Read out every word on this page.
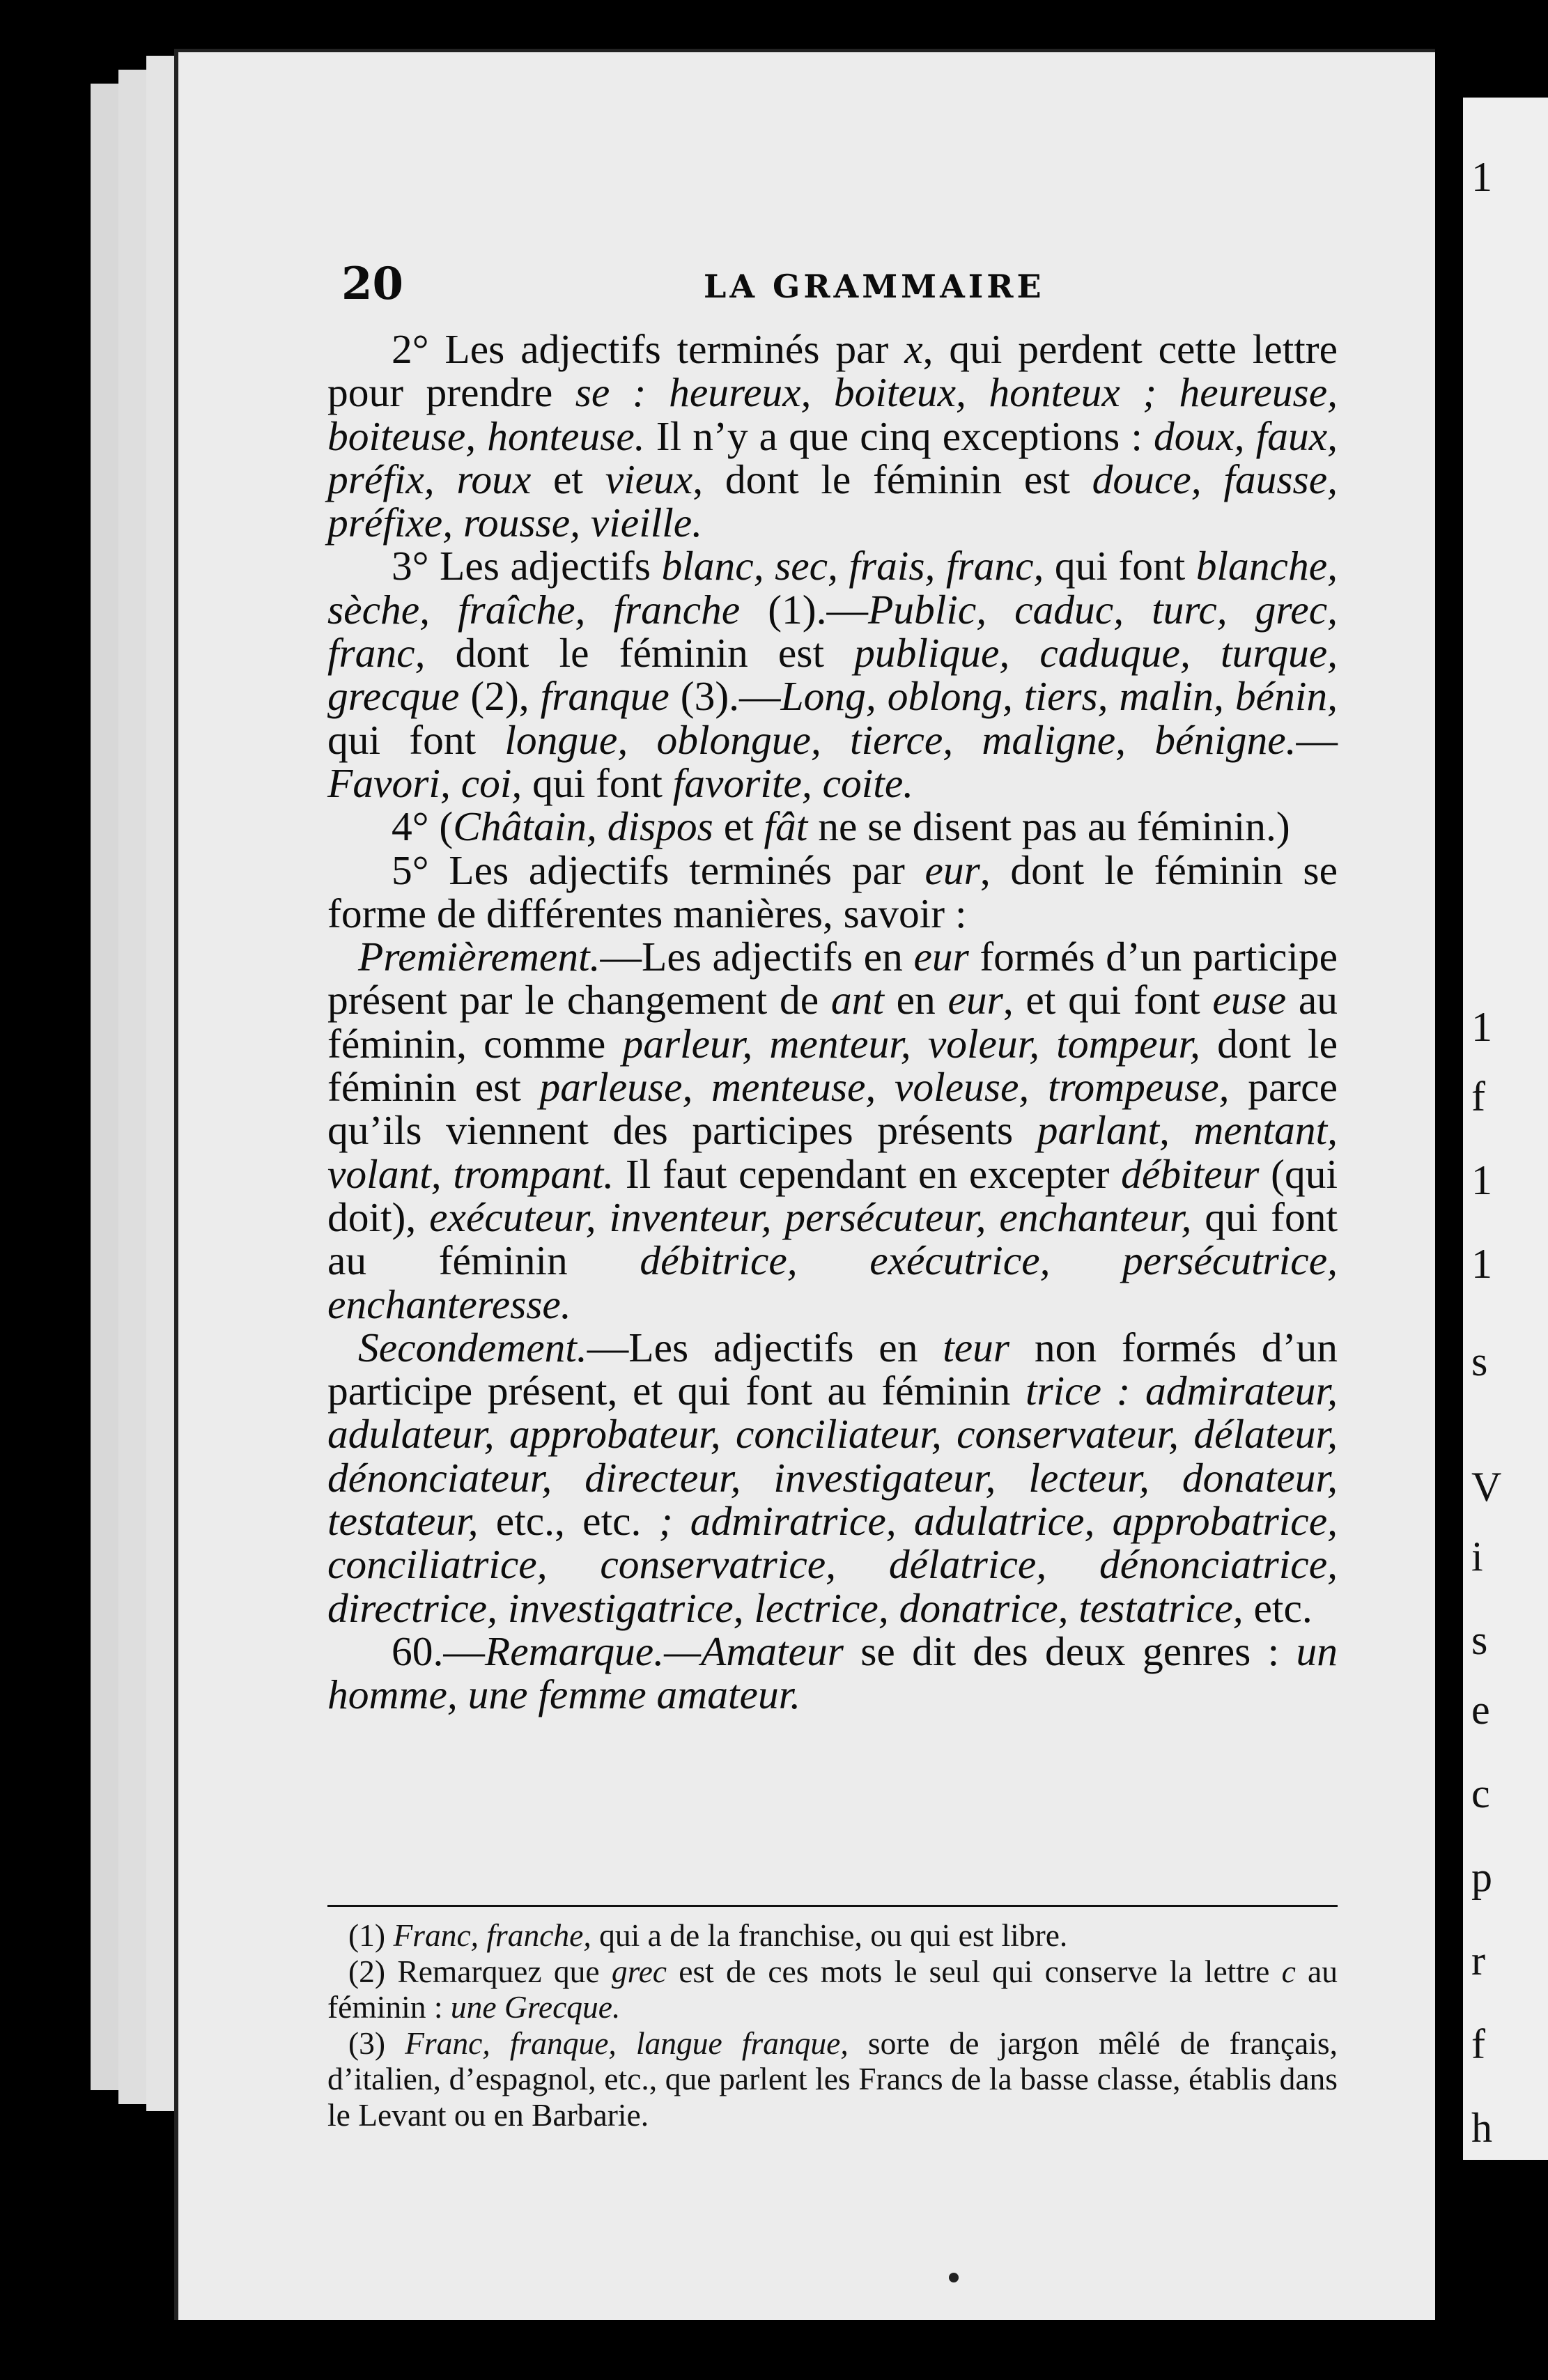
1
1
f
1
1
s
V
i
s
e
c
p
r
f
h
20	LA GRAMMAIRE

2° Les adjectifs terminés par x, qui perdent cette lettre pour prendre se : heureux, boiteux, honteux ; heureuse, boiteuse, honteuse. Il n’y a que cinq exceptions : doux, faux, préfix, roux et vieux, dont le féminin est douce, fausse, préfixe, rousse, vieille.

3° Les adjectifs blanc, sec, frais, franc, qui font blanche, sèche, fraîche, franche (1).—Public, caduc, turc, grec, franc, dont le féminin est publique, caduque, turque, grecque (2), franque (3).—Long, oblong, tiers, malin, bénin, qui font longue, oblongue, tierce, maligne, bénigne.—Favori, coi, qui font favorite, coite.

4° (Châtain, dispos et fât ne se disent pas au féminin.)

5° Les adjectifs terminés par eur, dont le féminin se forme de différentes manières, savoir :

Premièrement.—Les adjectifs en eur formés d’un participe présent par le changement de ant en eur, et qui font euse au féminin, comme parleur, menteur, voleur, tompeur, dont le féminin est parleuse, menteuse, voleuse, trompeuse, parce qu’ils viennent des participes présents parlant, mentant, volant, trompant. Il faut cependant en excepter débiteur (qui doit), exécuteur, inventeur, persécuteur, enchanteur, qui font au féminin débitrice, exécutrice, persécutrice, enchanteresse.

Secondement.—Les adjectifs en teur non formés d’un participe présent, et qui font au féminin trice : admirateur, adulateur, approbateur, conciliateur, conservateur, délateur, dénonciateur, directeur, investigateur, lecteur, donateur, testateur, etc., etc. ; admiratrice, adulatrice, approbatrice, conciliatrice, conservatrice, délatrice, dénonciatrice, directrice, investigatrice, lectrice, donatrice, testatrice, etc.

60.—Remarque.—Amateur se dit des deux genres : un homme, une femme amateur.

(1) Franc, franche, qui a de la franchise, ou qui est libre.

(2) Remarquez que grec est de ces mots le seul qui conserve la lettre c au féminin : une Grecque.

(3) Franc, franque, langue franque, sorte de jargon mêlé de français, d’italien, d’espagnol, etc., que parlent les Francs de la basse classe, établis dans le Levant ou en Barbarie.
